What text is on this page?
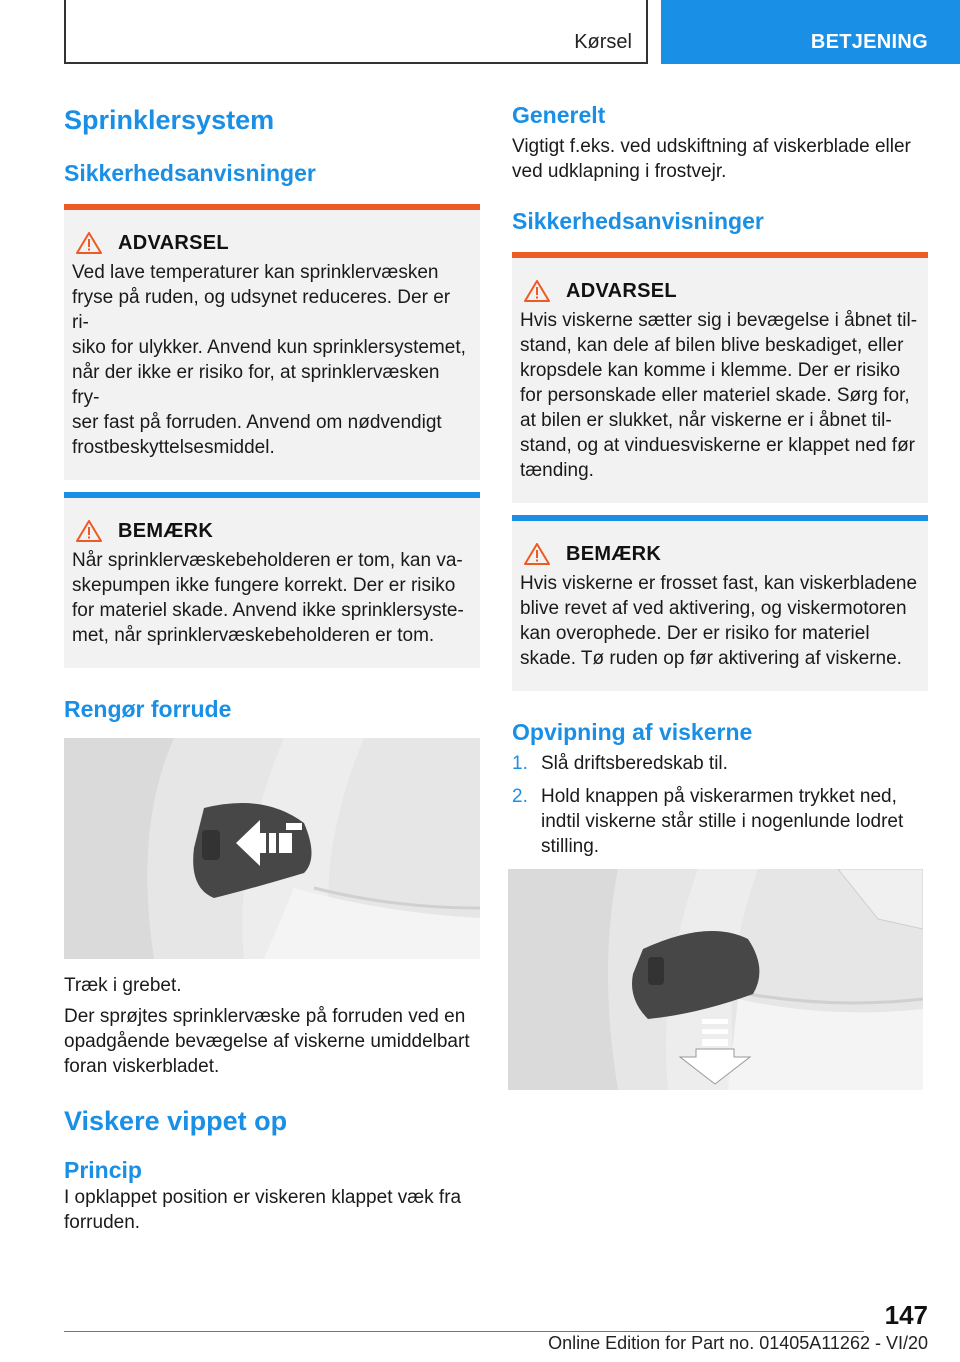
Kørsel	BETJENING
Sprinklersystem
Sikkerhedsanvisninger
ADVARSEL

Ved lave temperaturer kan sprinklervæsken

fryse på ruden, og udsynet reduceres. Der er ri-

siko for ulykker. Anvend kun sprinklersystemet,

når der ikke er risiko for, at sprinklervæsken fry-

ser fast på forruden. Anvend om nødvendigt

frostbeskyttelsesmiddel.

BEMÆRK

Når sprinklervæskebeholderen er tom, kan va-

skepumpen ikke fungere korrekt. Der er risiko

for materiel skade. Anvend ikke sprinklersyste-

met, når sprinklervæskebeholderen er tom.

Rengør forrude

Træk i grebet.

Der sprøjtes sprinklervæske på forruden ved en

opadgående bevægelse af viskerne umiddelbart

foran viskerbladet.

Viskere vippet op
Princip

I opklappet position er viskeren klappet væk fra

forruden.

Generelt

Vigtigt f.eks. ved udskiftning af viskerblade eller

ved udklapning i frostvejr.

Sikkerhedsanvisninger
ADVARSEL

Hvis viskerne sætter sig i bevægelse i åbnet til-

stand, kan dele af bilen blive beskadiget, eller

kropsdele kan komme i klemme. Der er risiko

for personskade eller materiel skade. Sørg for,

at bilen er slukket, når viskerne er i åbnet til-

stand, og at vinduesviskerne er klappet ned før

tænding.

BEMÆRK

Hvis viskerne er frosset fast, kan viskerbladene

blive revet af ved aktivering, og viskermotoren

kan overophede. Der er risiko for materiel

skade. Tø ruden op før aktivering af viskerne.

Opvipning af viskerne
1. Slå driftsberedskab til.
2. Hold knappen på viskerarmen trykket ned,
indtil viskerne står stille i nogenlunde lodret
stilling.
147
Online Edition for Part no. 01405A11262 - VI/20
